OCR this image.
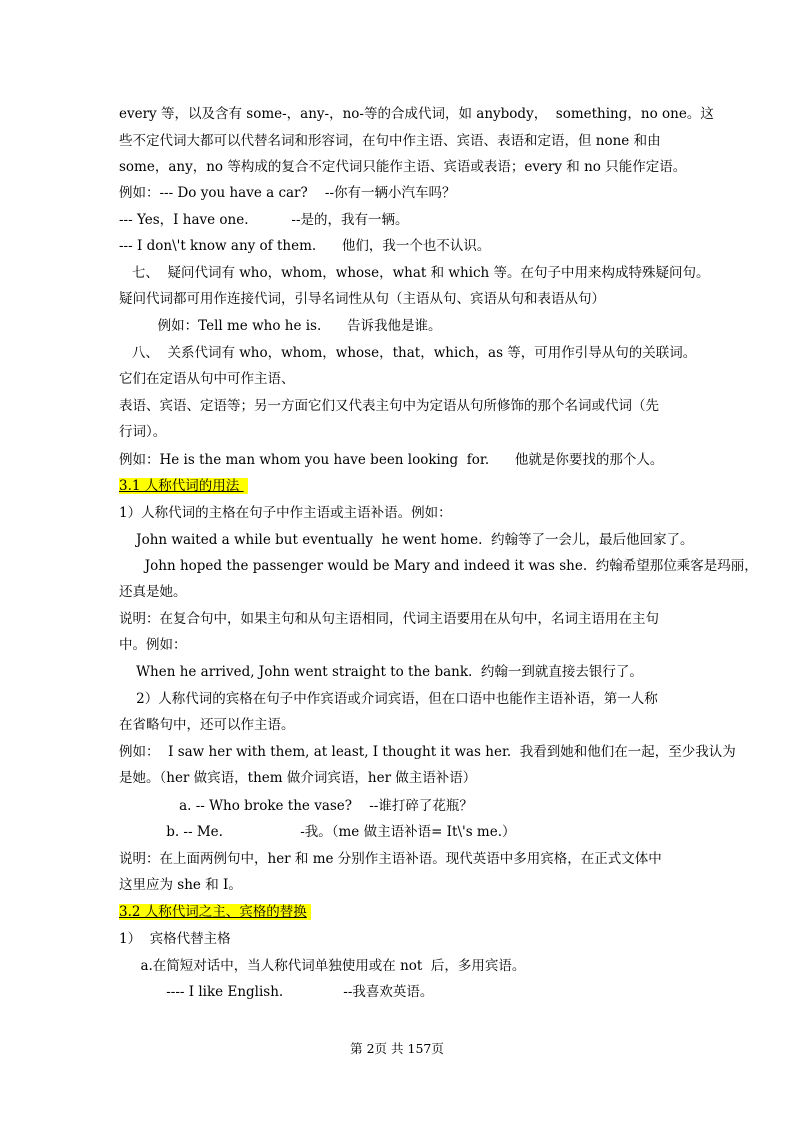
every 等，以及含有 some-，any-，no-等的合成代词，如 anybody，  something，no one。这
些不定代词大都可以代替名词和形容词，在句中作主语、宾语、表语和定语，但 none 和由
some，any，no 等构成的复合不定代词只能作主语、宾语或表语；every 和 no 只能作定语。
例如：--- Do you have a car?    --你有一辆小汽车吗？
--- Yes，I have one.          --是的，我有一辆。
--- I don\'t know any of them.      他们，我一个也不认识。
七、  疑问代词有 who，whom，whose，what 和 which 等。在句子中用来构成特殊疑问句。
疑问代词都可用作连接代词，引导名词性从句（主语从句、宾语从句和表语从句）
例如：Tell me who he is.      告诉我他是谁。
八、  关系代词有 who，whom，whose，that，which，as 等，可用作引导从句的关联词。
它们在定语从句中可作主语、
表语、宾语、定语等；另一方面它们又代表主句中为定语从句所修饰的那个名词或代词（先
行词）。
例如：He is the man whom you have been looking  for.      他就是你要找的那个人。
3.1 人称代词的用法
1）人称代词的主格在句子中作主语或主语补语。例如：
John waited a while but eventually  he went home.  约翰等了一会儿，最后他回家了。
John hoped the passenger would be Mary and indeed it was she.  约翰希望那位乘客是玛丽，
还真是她。
说明：在复合句中，如果主句和从句主语相同，代词主语要用在从句中，名词主语用在主句
中。例如：
When he arrived, John went straight to the bank.  约翰一到就直接去银行了。
2）人称代词的宾格在句子中作宾语或介词宾语，但在口语中也能作主语补语，第一人称
在省略句中，还可以作主语。
例如：  I saw her with them, at least, I thought it was her.  我看到她和他们在一起，至少我认为
是她。（her 做宾语，them 做介词宾语，her 做主语补语）
a. -- Who broke the vase?    --谁打碎了花瓶？
b. -- Me.                  -我。（me 做主语补语= It\'s me.）
说明：在上面两例句中，her 和 me 分别作主语补语。现代英语中多用宾格，在正式文体中
这里应为 she 和 I。
3.2 人称代词之主、宾格的替换
1）  宾格代替主格
a.在简短对话中，当人称代词单独使用或在 not  后，多用宾语。
---- I like English.              --我喜欢英语。
第 2页 共 157页
